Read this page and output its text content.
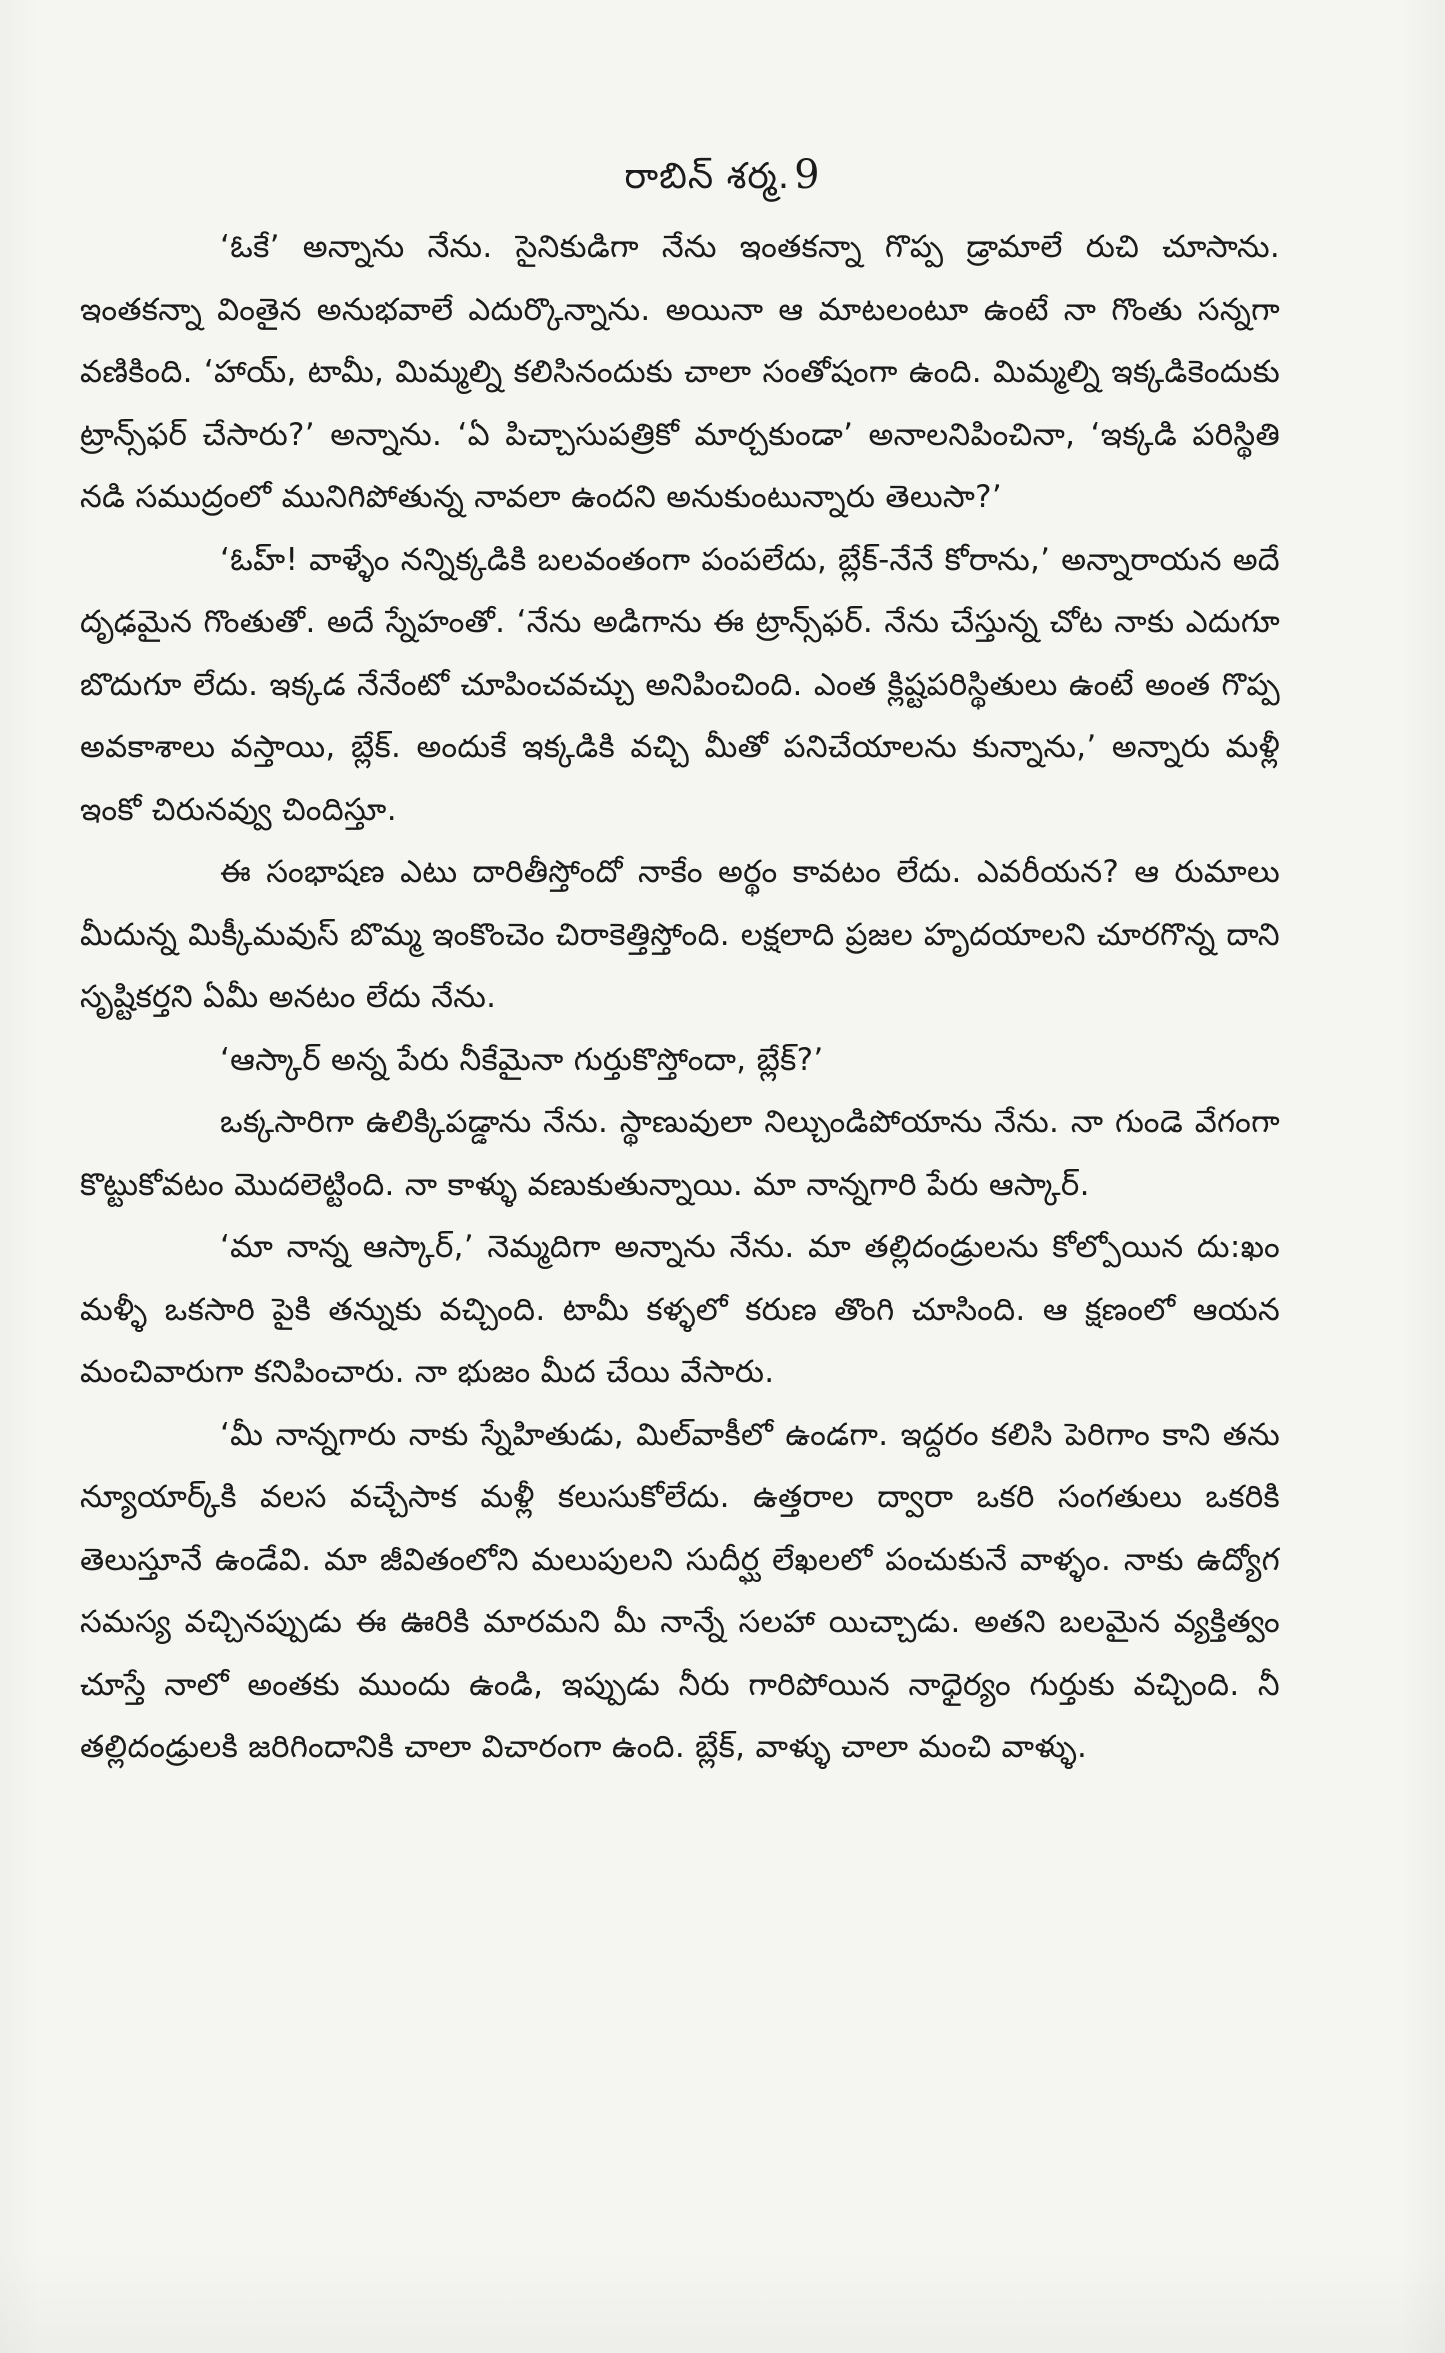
రాబిన్ శర్మ. 9

‘ఓకే’ అన్నాను నేను. సైనికుడిగా నేను ఇంతకన్నా గొప్ప డ్రామాలే రుచి చూసాను. ఇంతకన్నా వింతైన అనుభవాలే ఎదుర్కొన్నాను. అయినా ఆ మాటలంటూ ఉంటే నా గొంతు సన్నగా వణికింది. ‘హాయ్, టామీ, మిమ్మల్ని కలిసినందుకు చాలా సంతోషంగా ఉంది. మిమ్మల్ని ఇక్కడికెందుకు ట్రాన్స్‌ఫర్ చేసారు?’ అన్నాను. ‘ఏ పిచ్చాసుపత్రికో మార్చకుండా’ అనాలనిపించినా, ‘ఇక్కడి పరిస్థితి నడి సముద్రంలో మునిగిపోతున్న నావలా ఉందని అనుకుంటున్నారు తెలుసా?’

‘ఓహ్! వాళ్ళేం నన్నిక్కడికి బలవంతంగా పంపలేదు, బ్లేక్-నేనే కోరాను,’ అన్నారాయన అదే దృఢమైన గొంతుతో. అదే స్నేహంతో. ‘నేను అడిగాను ఈ ట్రాన్స్‌ఫర్. నేను చేస్తున్న చోట నాకు ఎదుగూ బొదుగూ లేదు. ఇక్కడ నేనేంటో చూపించవచ్చు అనిపించింది. ఎంత క్లిష్టపరిస్థితులు ఉంటే అంత గొప్ప అవకాశాలు వస్తాయి, బ్లేక్. అందుకే ఇక్కడికి వచ్చి మీతో పనిచేయాలను కున్నాను,’ అన్నారు మళ్లీ ఇంకో చిరునవ్వు చిందిస్తూ.

ఈ సంభాషణ ఎటు దారితీస్తోందో నాకేం అర్థం కావటం లేదు. ఎవరీయన? ఆ రుమాలు మీదున్న మిక్కీమవుస్ బొమ్మ ఇంకొంచెం చిరాకెత్తిస్తోంది. లక్షలాది ప్రజల హృదయాలని చూరగొన్న దాని సృష్టికర్తని ఏమీ అనటం లేదు నేను.

‘ఆస్కార్ అన్న పేరు నీకేమైనా గుర్తుకొస్తోందా, బ్లేక్?’

ఒక్కసారిగా ఉలిక్కిపడ్డాను నేను. స్థాణువులా నిల్చుండిపోయాను నేను. నా గుండె వేగంగా కొట్టుకోవటం మొదలెట్టింది. నా కాళ్ళు వణుకుతున్నాయి. మా నాన్నగారి పేరు ఆస్కార్.

‘మా నాన్న ఆస్కార్,’ నెమ్మదిగా అన్నాను నేను. మా తల్లిదండ్రులను కోల్పోయిన దు:ఖం మళ్ళీ ఒకసారి పైకి తన్నుకు వచ్చింది. టామీ కళ్ళలో కరుణ తొంగి చూసింది. ఆ క్షణంలో ఆయన మంచివారుగా కనిపించారు. నా భుజం మీద చేయి వేసారు.

‘మీ నాన్నగారు నాకు స్నేహితుడు, మిల్‌వాకీలో ఉండగా. ఇద్దరం కలిసి పెరిగాం కాని తను న్యూయార్క్‌కి వలస వచ్చేసాక మళ్లీ కలుసుకోలేదు. ఉత్తరాల ద్వారా ఒకరి సంగతులు ఒకరికి తెలుస్తూనే ఉండేవి. మా జీవితంలోని మలుపులని సుదీర్ఘ లేఖలలో పంచుకునే వాళ్ళం. నాకు ఉద్యోగ సమస్య వచ్చినప్పుడు ఈ ఊరికి మారమని మీ నాన్నే సలహా యిచ్చాడు. అతని బలమైన వ్యక్తిత్వం చూస్తే నాలో అంతకు ముందు ఉండి, ఇప్పుడు నీరు గారిపోయిన నాధైర్యం గుర్తుకు వచ్చింది. నీ తల్లిదండ్రులకి జరిగిందానికి చాలా విచారంగా ఉంది. బ్లేక్, వాళ్ళు చాలా మంచి వాళ్ళు.
